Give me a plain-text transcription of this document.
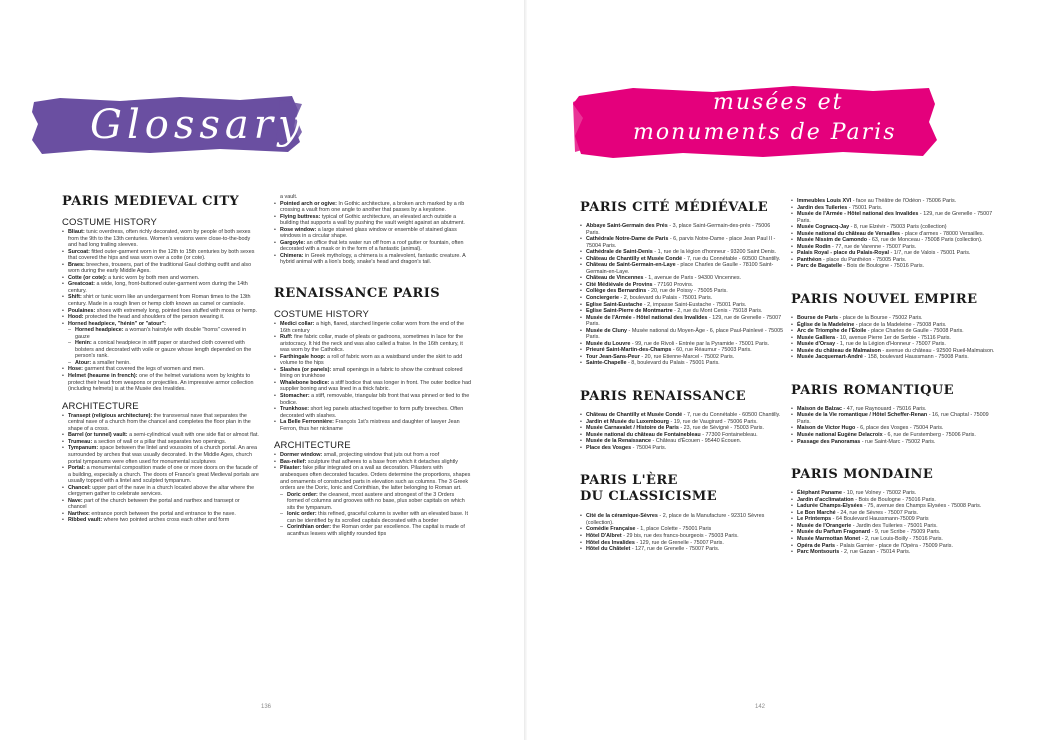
Glossary
PARIS MEDIEVAL CITY
COSTUME HISTORY
• Bliaut: tunic overdress, often richly decorated, worn by people of both sexes from the 9th to the 13th centuries. Women's versions were close-to-the-body and had long trailing sleeves.
• Surcoat: fitted outer-garment worn in the 12th to 15th centuries by both sexes that covered the hips and was worn over a cotte (or cote).
• Braes: breeches, trousers, part of the traditional Gaul clothing outfit and also worn during the early Middle Ages.
• Cotte (or cote): a tunic worn by both men and women.
• Greatcoat: a wide, long, front-buttoned outer-garment worn during the 14th century.
• Shift: shirt or tunic worn like an undergarment from Roman times to the 13th century. Made in a rough linen or hemp cloth known as camel or camisole.
• Poulaines: shoes with extremely long, pointed toes stuffed with moss or hemp.
• Hood: protected the head and shoulders of the person wearing it.
• Horned headpiece, "hénin" or "atour":
– Horned headpiece: a woman's hairstyle with double "horns" covered in gauze
– Henin: a conical headpiece in stiff paper or starched cloth covered with bolsters and decorated with voile or gauze whose length depended on the person's rank.
– Atour: a smaller henin.
• Hose: garment that covered the legs of women and men.
• Helmet (heaume in french): one of the helmet variations worn by knights to protect their head from weapons or projectiles. An impressive armor collection (including helmets) is at the Musée des Invalides.
ARCHITECTURE
• Transept (religious architecture): the transversal nave that separates the central nave of a church from the chancel and completes the floor plan in the shape of a cross.
• Barrel (or tunnel) vault: a semi-cylindrical vault with one side flat or almost flat.
• Trumeau: a section of wall or a pillar that separates two openings.
• Tympanum: space between the lintel and voussoirs of a church portal. An area surrounded by arches that was usually decorated. In the Middle Ages, church portal tympanums were often used for monumental sculptures
• Portal: a monumental composition made of one or more doors on the facade of a building, especially a church. The doors of France's great Medieval portals are usually topped with a lintel and sculpted tympanum.
• Chancel: upper part of the nave in a church located above the altar where the clergymen gather to celebrate services.
• Nave: part of the church between the portal and narthex and transept or chancel
• Narthex: entrance porch between the portal and entrance to the nave.
• Ribbed vault: where two pointed arches cross each other and form

a vault.

• Pointed arch or ogive: In Gothic architecture, a broken arch marked by a rib crossing a vault from one angle to another that passes by a keystone.
• Flying buttress: typical of Gothic architecture, an elevated arch outside a building that supports a wall by pushing the vault weight against an abutment.
• Rose window: a large stained glass window or ensemble of stained glass windows in a circular shape.
• Gargoyle: an office that lets water run off from a roof gutter or fountain, often decorated with a mask or in the form of a fantastic (animal).
• Chimera: in Greek mythology, a chimera is a malevolent, fantastic creature. A hybrid animal with a lion's body, snake's head and dragon's tail.
RENAISSANCE PARIS
COSTUME HISTORY
• Medici collar: a high, flared, starched lingerie collar worn from the end of the 16th century
• Ruff: fine fabric collar, made of pleats or gadroons, sometimes in lace for the aristocracy. It hid the neck and was also called a fraise. In the 16th century, it was worn by the Catholics.
• Farthingale hoop: a roll of fabric worn as a waistband under the skirt to add volume to the hips
• Slashes (or panels): small openings in a fabric to show the contrast colored lining on trunkhose
• Whalebone bodice: a stiff bodice that was longer in front. The outer bodice had supplier boning and was lined in a thick fabric.
• Stomacher: a stiff, removable, triangular bib front that was pinned or tied to the bodice.
• Trunkhose: short leg panels attached together to form puffy breeches. Often decorated with slashes.
• La Belle Ferronnière: François 1st's mistress and daughter of lawyer Jean Ferron, thus her nickname
ARCHITECTURE
• Dormer window: small, projecting window that juts out from a roof
• Bas-relief: sculpture that adheres to a base from which it detaches slightly
• Pilaster: fake pillar integrated on a wall as decoration. Pilasters with arabesques often decorated facades. Orders determine the proportions, shapes and ornaments of constructed parts in elevation such as columns. The 3 Greek orders are the Doric, Ionic and Corinthian, the latter belonging to Roman art.
– Doric order: the cleanest, most austere and strongest of the 3 Orders formed of columns and grooves with no base, plus sober capitals on which sits the tympanum.
– Ionic order: this refined, graceful column is svelter with an elevated base. It can be identified by its scrolled capitals decorated with a border
– Corinthian order: the Roman order par excellence. The capital is made of acanthus leaves with slightly rounded tips
136
musées et
monuments de Paris
PARIS CITÉ MÉDIÉVALE
• Abbaye Saint-Germain des Prés - 3, place Saint-Germain-des-prés - 75006 Paris.
• Cathédrale Notre-Dame de Paris - 6, parvis Notre-Dame - place Jean Paul II - 75004 Paris.
• Cathédrale de Saint-Denis - 1, rue de la légion d'honneur - 93200 Saint Denis.
• Château de Chantilly et Musée Condé - 7, rue du Connétable - 60500 Chantilly.
• Château de Saint-Germain-en-Laye - place Charles de Gaulle - 78100 Saint-Germain-en-Laye.
• Château de Vincennes - 1, avenue de Paris - 94300 Vincennes.
• Cité Médiévale de Provins - 77160 Provins.
• Collège des Bernardins - 20, rue de Poissy - 75005 Paris.
• Conciergerie - 2, boulevard du Palais - 75001 Paris.
• Eglise Saint-Eustache - 2, impasse Saint-Eustache - 75001 Paris.
• Eglise Saint-Pierre de Montmartre - 2, rue du Mont Cenis - 75018 Paris.
• Musée de l'Armée - Hôtel national des Invalides - 129, rue de Grenelle - 75007 Paris.
• Musée de Cluny - Musée national du Moyen-Âge - 6, place Paul-Painlevé - 75005 Paris.
• Musée du Louvre - 99, rue de Rivoli - Entrée par la Pyramide - 75001 Paris.
• Prieuré Saint-Martin-des-Champs - 60, rue Réaumur - 75003 Paris.
• Tour Jean-Sans-Peur - 20, rue Etienne-Marcel - 75002 Paris.
• Sainte-Chapelle - 8, boulevard du Palais - 75001 Paris.
PARIS RENAISSANCE
• Château de Chantilly et Musée Condé - 7, rue du Connétable - 60500 Chantilly.
• Jardin et Musée du Luxembourg - 19, rue de Vaugirard - 75006 Paris.
• Musée Carnavalet / Histoire de Paris - 23, rue de Sévigné - 75003 Paris.
• Musée national du château de Fontainebleau - 77300 Fontainebleau.
• Musée de la Renaissance - Château d'Écouen - 95440 Écouen.
• Place des Vosges - 75004 Paris.
PARIS L'ÈRE
DU CLASSICISME
• Cité de la céramique-Sèvres - 2, place de la Manufacture - 92310 Sèvres (collection).
• Comédie Française - 1, place Colette - 75001 Paris
• Hôtel D'Albret - 29 bis, rue des francs-bourgeois - 75003 Paris.
• Hôtel des Invalides - 129, rue de Grenelle - 75007 Paris.
• Hôtel du Châtelet - 127, rue de Grenelle - 75007 Paris.
• Immeubles Louis XVI - face au Théâtre de l'Odéon - 75006 Paris.
• Jardin des Tuileries - 75001 Paris.
• Musée de l'Armée - Hôtel national des Invalides - 129, rue de Grenelle - 75007 Paris.
• Musée Cognacq-Jay - 8, rue Elzévir - 75003 Paris (collection)
• Musée national du château de Versailles - place d'armes - 78000 Versailles.
• Musée Nissim de Camondo - 63, rue de Monceau - 75008 Paris (collection).
• Musée Rodin - 77, rue de Varenne - 75007 Paris.
• Palais Royal - place du Palais-Royal - 1/7, rue de Valois - 75001 Paris.
• Panthéon - place du Panthéon - 75005 Paris.
• Parc de Bagatelle - Bois de Boulogne - 75016 Paris.
PARIS NOUVEL EMPIRE
• Bourse de Paris - place de la Bourse - 75002 Paris.
• Église de la Madeleine - place de la Madeleine - 75008 Paris.
• Arc de Triomphe de l'Étoile - place Charles de Gaulle - 75008 Paris.
• Musée Galliera - 10, avenue Pierre 1er de Serbie - 75116 Paris.
• Musée d'Orsay - 1, rue de la Légion d'Honneur - 75007 Paris.
• Musée du château de Malmaison - avenue du château - 92500 Rueil-Malmaison.
• Musée Jacquemart-André - 158, boulevard Haussmann - 75008 Paris.
PARIS ROMANTIQUE
• Maison de Balzac - 47, rue Raynouard - 75016 Paris.
• Musée de la Vie romantique / Hôtel Scheffer-Renan - 16, rue Chaptal - 75009 Paris.
• Maison de Victor Hugo - 6, place des Vosges - 75004 Paris.
• Musée national Eugène Delacroix - 6, rue de Furstemberg - 75006 Paris.
• Passage des Panoramas - rue Saint-Marc - 75002 Paris.
PARIS MONDAINE
• Éléphant Paname - 10, rue Volney - 75002 Paris.
• Jardin d'acclimatation - Bois de Boulogne - 75016 Paris.
• Ladurée Champs-Elysées - 75, avenue des Champs Elysées - 75008 Paris.
• Le Bon Marché - 24, rue de Sèvres - 75007 Paris.
• Le Printemps - 64 Boulevard Haussmann-75009 Paris
• Musée de l'Orangerie - Jardin des Tuileries - 75001 Paris.
• Musée du Parfum Fragonard - 9, rue Scribe - 75009 Paris.
• Musée Marmottan Monet - 2, rue Louis-Boilly - 75016 Paris.
• Opéra de Paris - Palais Garnier - place de l'Opéra - 75009 Paris.
• Parc Montsouris - 2, rue Gazan - 75014 Paris.
142
